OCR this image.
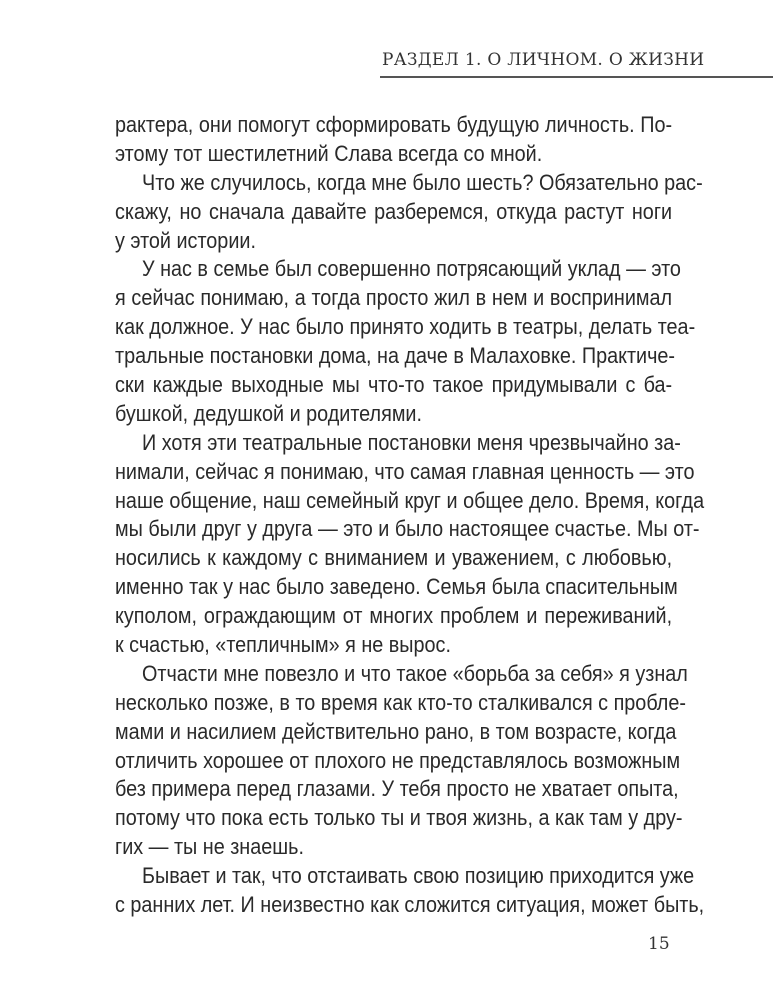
РАЗДЕЛ 1. О ЛИЧНОМ. О ЖИЗНИ
рактера, они помогут сформировать будущую личность. По-
этому тот шестилетний Слава всегда со мной.
Что же случилось, когда мне было шесть? Обязательно рас-
скажу, но сначала давайте разберемся, откуда растут ноги
у этой истории.
У нас в семье был совершенно потрясающий уклад — это
я сейчас понимаю, а тогда просто жил в нем и воспринимал
как должное. У нас было принято ходить в театры, делать теа-
тральные постановки дома, на даче в Малаховке. Практиче-
ски каждые выходные мы что-то такое придумывали с ба-
бушкой, дедушкой и родителями.
И хотя эти театральные постановки меня чрезвычайно за-
нимали, сейчас я понимаю, что самая главная ценность — это
наше общение, наш семейный круг и общее дело. Время, когда
мы были друг у друга — это и было настоящее счастье. Мы от-
носились к каждому с вниманием и уважением, с любовью,
именно так у нас было заведено. Семья была спасительным
куполом, ограждающим от многих проблем и переживаний,
к счастью, «тепличным» я не вырос.
Отчасти мне повезло и что такое «борьба за себя» я узнал
несколько позже, в то время как кто-то сталкивался с пробле-
мами и насилием действительно рано, в том возрасте, когда
отличить хорошее от плохого не представлялось возможным
без примера перед глазами. У тебя просто не хватает опыта,
потому что пока есть только ты и твоя жизнь, а как там у дру-
гих — ты не знаешь.
Бывает и так, что отстаивать свою позицию приходится уже
с ранних лет. И неизвестно как сложится ситуация, может быть,
15
